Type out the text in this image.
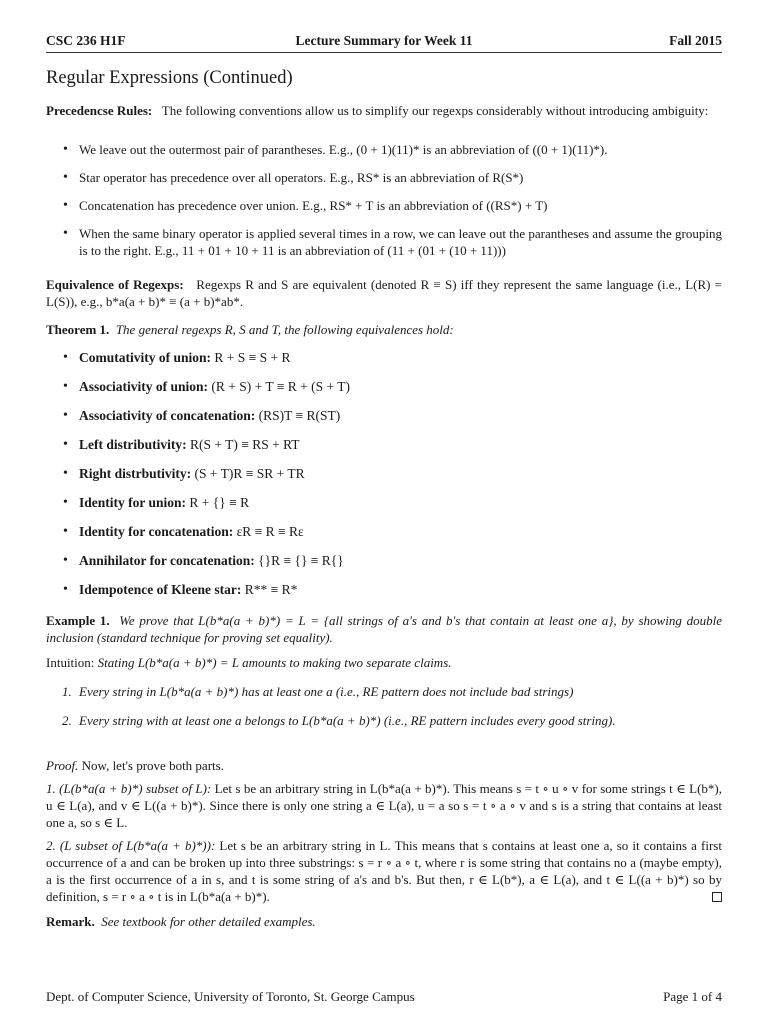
CSC 236 H1F	Lecture Summary for Week 11	Fall 2015
Regular Expressions (Continued)

Precedencse Rules: The following conventions allow us to simplify our regexps considerably without introducing ambiguity:

• We leave out the outermost pair of parantheses. E.g., (0 + 1)(11)* is an abbreviation of ((0 + 1)(11)*).
• Star operator has precedence over all operators. E.g., RS* is an abbreviation of R(S*)
• Concatenation has precedence over union. E.g., RS* + T is an abbreviation of ((RS*) + T)
• When the same binary operator is applied several times in a row, we can leave out the parantheses and assume the grouping is to the right. E.g., 11 + 01 + 10 + 11 is an abbreviation of (11 + (01 + (10 + 11)))

Equivalence of Regexps: Regexps R and S are equivalent (denoted R ≡ S) iff they represent the same language (i.e., L(R) = L(S)), e.g., b*a(a + b)* ≡ (a + b)*ab*.

Theorem 1. The general regexps R, S and T, the following equivalences hold:

• Comutativity of union: R + S ≡ S + R
• Associativity of union: (R + S) + T ≡ R + (S + T)
• Associativity of concatenation: (RS)T ≡ R(ST)
• Left distributivity: R(S + T) ≡ RS + RT
• Right distrbutivity: (S + T)R ≡ SR + TR
• Identity for union: R + {} ≡ R
• Identity for concatenation: εR ≡ R ≡ Rε
• Annihilator for concatenation: {}R ≡ {} ≡ R{}
• Idempotence of Kleene star: R** ≡ R*

Example 1. We prove that L(b*a(a + b)*) = L = {all strings of a's and b's that contain at least one a}, by showing double inclusion (standard technique for proving set equality).

Intuition: Stating L(b*a(a + b)*) = L amounts to making two separate claims.

1. Every string in L(b*a(a + b)*) has at least one a (i.e., RE pattern does not include bad strings)
2. Every string with at least one a belongs to L(b*a(a + b)*) (i.e., RE pattern includes every good string).

Proof. Now, let's prove both parts.

1. (L(b*a(a + b)*) subset of L): Let s be an arbitrary string in L(b*a(a + b)*). This means s = t ∘ u ∘ v for some strings t ∈ L(b*), u ∈ L(a), and v ∈ L((a + b)*). Since there is only one string a ∈ L(a), u = a so s = t ∘ a ∘ v and s is a string that contains at least one a, so s ∈ L.

2. (L subset of L(b*a(a + b)*)): Let s be an arbitrary string in L. This means that s contains at least one a, so it contains a first occurrence of a and can be broken up into three substrings: s = r ∘ a ∘ t, where r is some string that contains no a (maybe empty), a is the first occurrence of a in s, and t is some string of a's and b's. But then, r ∈ L(b*), a ∈ L(a), and t ∈ L((a + b)*) so by definition, s = r ∘ a ∘ t is in L(b*a(a + b)*).

Remark. See textbook for other detailed examples.

Dept. of Computer Science, University of Toronto, St. George Campus	Page 1 of 4
